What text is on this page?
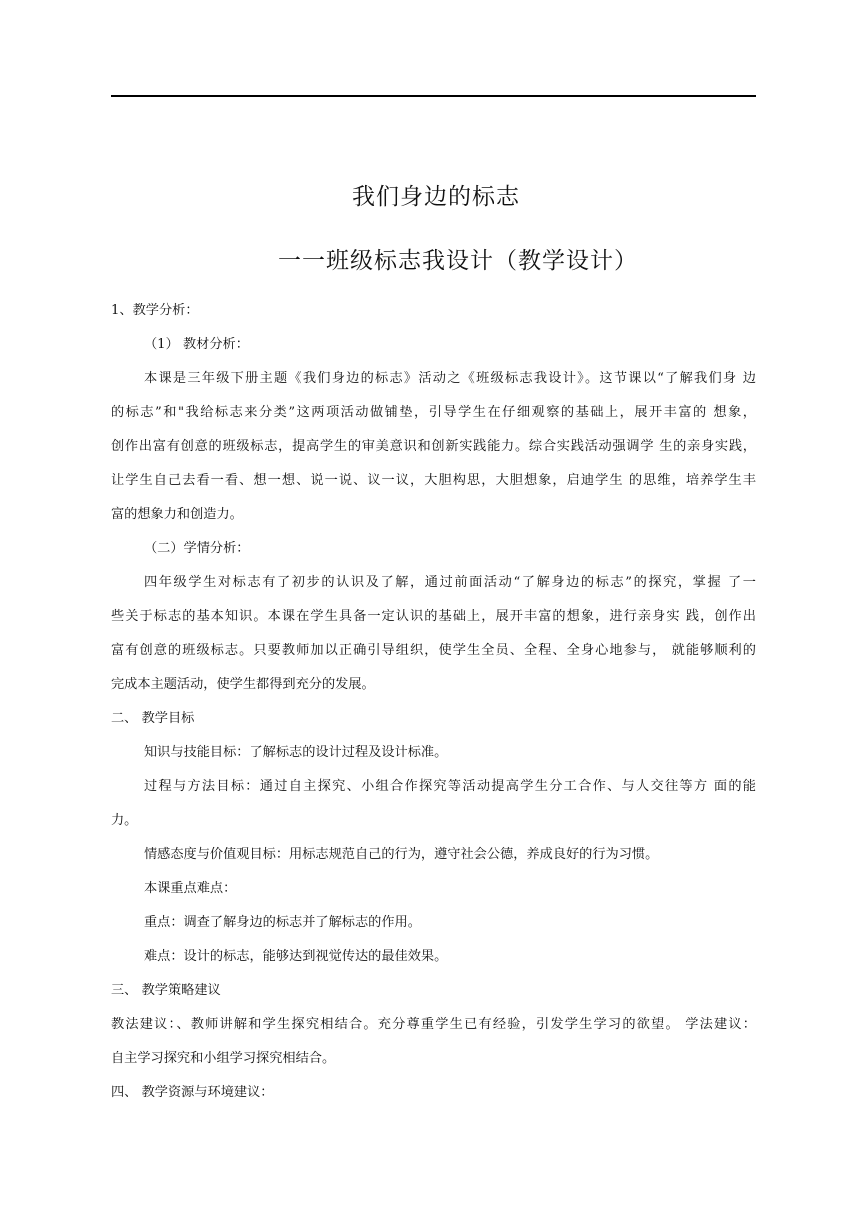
我们身边的标志
一一班级标志我设计（教学设计）
1、教学分析：
（1） 教材分析：
本课是三年级下册主题《我们身边的标志》活动之《班级标志我设计》。这节课以“了解我们身 边
的标志”和"我给标志来分类”这两项活动做铺垫，引导学生在仔细观察的基础上，展开丰富的 想象，
创作出富有创意的班级标志，提高学生的审美意识和创新实践能力。综合实践活动强调学 生的亲身实践，
让学生自己去看一看、想一想、说一说、议一议，大胆构思，大胆想象，启迪学生 的思维，培养学生丰
富的想象力和创造力。
（二）学情分析：
四年级学生对标志有了初步的认识及了解，通过前面活动“了解身边的标志”的探究，掌握 了一
些关于标志的基本知识。本课在学生具备一定认识的基础上，展开丰富的想象，进行亲身实 践，创作出
富有创意的班级标志。只要教师加以正确引导组织，使学生全员、全程、全身心地参与， 就能够顺利的
完成本主题活动，使学生都得到充分的发展。
二、 教学目标
知识与技能目标：了解标志的设计过程及设计标准。
过程与方法目标：通过自主探究、小组合作探究等活动提高学生分工合作、与人交往等方 面的能
力。
情感态度与价值观目标：用标志规范自己的行为，遵守社会公德，养成良好的行为习惯。
本课重点难点：
重点：调查了解身边的标志并了解标志的作用。
难点：设计的标志，能够达到视觉传达的最佳效果。
三、 教学策略建议
教法建议：、教师讲解和学生探究相结合。充分尊重学生已有经验，引发学生学习的欲望。 学法建议：
自主学习探究和小组学习探究相结合。
四、 教学资源与环境建议：
